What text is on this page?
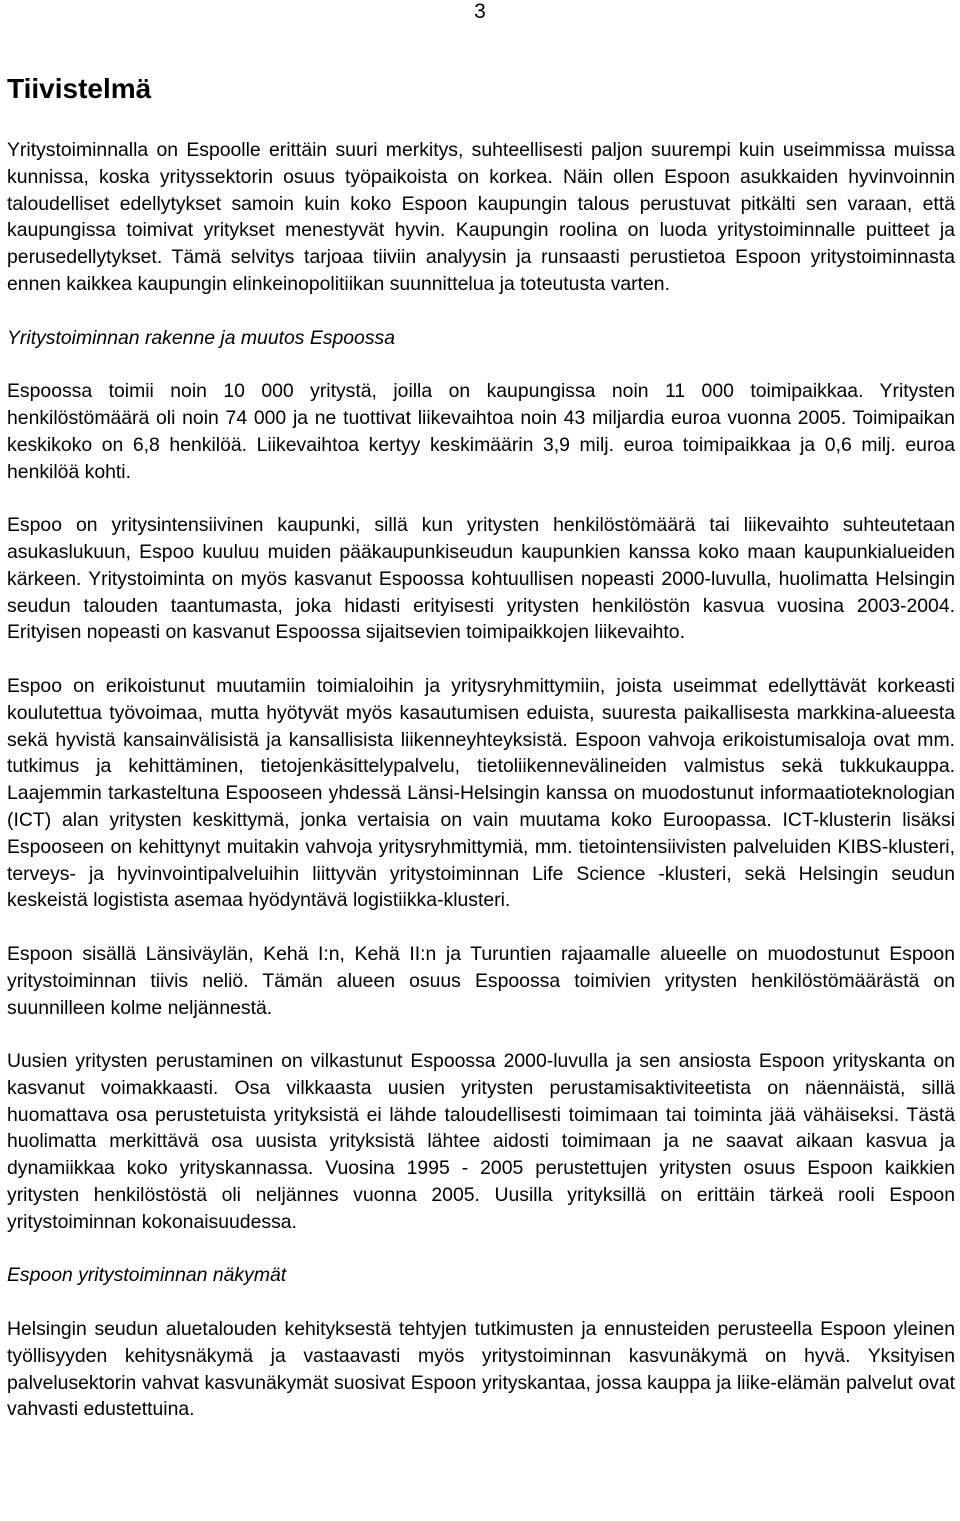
3
Tiivistelmä

Yritystoiminnalla on Espoolle erittäin suuri merkitys, suhteellisesti paljon suurempi kuin useimmissa muissa kunnissa, koska yrityssektorin osuus työpaikoista on korkea. Näin ollen Espoon asukkaiden hyvinvoinnin taloudelliset edellytykset samoin kuin koko Espoon kaupungin talous perustuvat pitkälti sen varaan, että kaupungissa toimivat yritykset menestyvät hyvin. Kaupungin roolina on luoda yritystoiminnalle puitteet ja perusedellytykset. Tämä selvitys tarjoaa tiiviin analyysin ja runsaasti perustietoa Espoon yritystoiminnasta ennen kaikkea kaupungin elinkeinopolitiikan suunnittelua ja toteutusta varten.

Yritystoiminnan rakenne ja muutos Espoossa

Espoossa toimii noin 10 000 yritystä, joilla on kaupungissa noin 11 000 toimipaikkaa. Yritysten henkilöstömäärä oli noin 74 000 ja ne tuottivat liikevaihtoa noin 43 miljardia euroa vuonna 2005. Toimipaikan keskikoko on 6,8 henkilöä. Liikevaihtoa kertyy keskimäärin 3,9 milj. euroa toimipaikkaa ja 0,6 milj. euroa henkilöä kohti.

Espoo on yritysintensiivinen kaupunki, sillä kun yritysten henkilöstömäärä tai liikevaihto suhteutetaan asukaslukuun, Espoo kuuluu muiden pääkaupunkiseudun kaupunkien kanssa koko maan kaupunkialueiden kärkeen. Yritystoiminta on myös kasvanut Espoossa kohtuullisen nopeasti 2000-luvulla, huolimatta Helsingin seudun talouden taantumasta, joka hidasti erityisesti yritysten henkilöstön kasvua vuosina 2003-2004. Erityisen nopeasti on kasvanut Espoossa sijaitsevien toimipaikkojen liikevaihto.

Espoo on erikoistunut muutamiin toimialoihin ja yritysryhmittymiin, joista useimmat edellyttävät korkeasti koulutettua työvoimaa, mutta hyötyvät myös kasautumisen eduista, suuresta paikallisesta markkina-alueesta sekä hyvistä kansainvälisistä ja kansallisista liikenneyhteyksistä. Espoon vahvoja erikoistumisaloja ovat mm. tutkimus ja kehittäminen, tietojenkäsittelypalvelu, tietoliikennevälineiden valmistus sekä tukkukauppa. Laajemmin tarkasteltuna Espooseen yhdessä Länsi-Helsingin kanssa on muodostunut informaatioteknologian (ICT) alan yritysten keskittymä, jonka vertaisia on vain muutama koko Euroopassa. ICT-klusterin lisäksi Espooseen on kehittynyt muitakin vahvoja yritysryhmittymiä, mm. tietointensiivisten palveluiden KIBS-klusteri, terveys- ja hyvinvointipalveluihin liittyvän yritystoiminnan Life Science -klusteri, sekä Helsingin seudun keskeistä logistista asemaa hyödyntävä logistiikka-klusteri.

Espoon sisällä Länsiväylän, Kehä I:n, Kehä II:n ja Turuntien rajaamalle alueelle on muodostunut Espoon yritystoiminnan tiivis neliö. Tämän alueen osuus Espoossa toimivien yritysten henkilöstömäärästä on suunnilleen kolme neljännestä.

Uusien yritysten perustaminen on vilkastunut Espoossa 2000-luvulla ja sen ansiosta Espoon yrityskanta on kasvanut voimakkaasti. Osa vilkkaasta uusien yritysten perustamisaktiviteetista on näennäistä, sillä huomattava osa perustetuista yrityksistä ei lähde taloudellisesti toimimaan tai toiminta jää vähäiseksi. Tästä huolimatta merkittävä osa uusista yrityksistä lähtee aidosti toimimaan ja ne saavat aikaan kasvua ja dynamiikkaa koko yrityskannassa. Vuosina 1995 - 2005 perustettujen yritysten osuus Espoon kaikkien yritysten henkilöstöstä oli neljännes vuonna 2005. Uusilla yrityksillä on erittäin tärkeä rooli Espoon yritystoiminnan kokonaisuudessa.

Espoon yritystoiminnan näkymät

Helsingin seudun aluetalouden kehityksestä tehtyjen tutkimusten ja ennusteiden perusteella Espoon yleinen työllisyyden kehitysnäkymä ja vastaavasti myös yritystoiminnan kasvunäkymä on hyvä. Yksityisen palvelusektorin vahvat kasvunäkymät suosivat Espoon yrityskantaa, jossa kauppa ja liike-elämän palvelut ovat vahvasti edustettuina.
